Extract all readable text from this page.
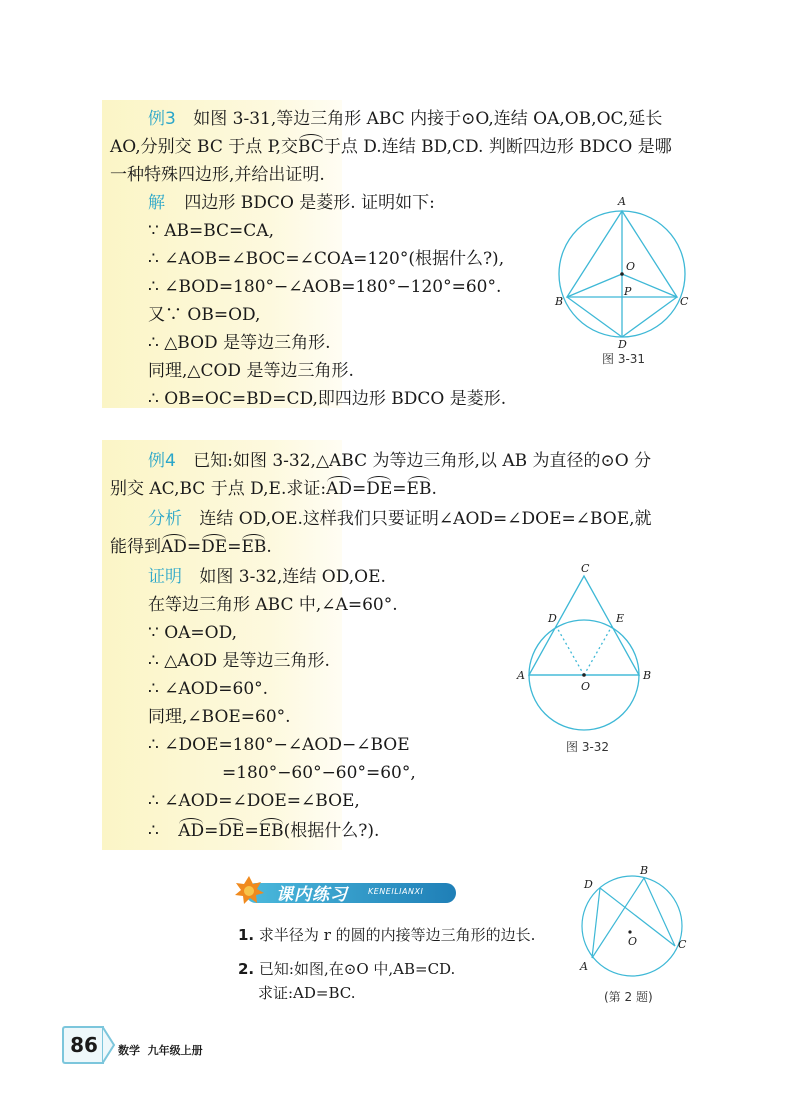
例3 如图 3-31,等边三角形 ABC 内接于⊙O,连结 OA,OB,OC,延长
AO,分别交 BC 于点 P,交BC于点 D.连结 BD,CD. 判断四边形 BDCO 是哪
一种特殊四边形,并给出证明.
解 四边形 BDCO 是菱形. 证明如下:
∵ AB=BC=CA,
∴ ∠AOB=∠BOC=∠COA=120°(根据什么?),
∴ ∠BOD=180°−∠AOB=180°−120°=60°.
又∵ OB=OD,
∴ △BOD 是等边三角形.
同理,△COD 是等边三角形.
∴ OB=OC=BD=CD,即四边形 BDCO 是菱形.
A
O
B
P
C
D
图 3-31
例4 已知:如图 3-32,△ABC 为等边三角形,以 AB 为直径的⊙O 分
别交 AC,BC 于点 D,E.求证:AD=DE=EB.
分析 连结 OD,OE.这样我们只要证明∠AOD=∠DOE=∠BOE,就
能得到AD=DE=EB.
证明 如图 3-32,连结 OD,OE.
在等边三角形 ABC 中,∠A=60°.
∵ OA=OD,
∴ △AOD 是等边三角形.
∴ ∠AOD=60°.
同理,∠BOE=60°.
∴ ∠DOE=180°−∠AOD−∠BOE
=180°−60°−60°=60°,
∴ ∠AOD=∠DOE=∠BOE,
∴ AD=DE=EB(根据什么?).
C
D	E
A
O
B
图 3-32
课内练习	KENEILIANXI
1. 求半径为 r 的圆的内接等边三角形的边长.
2. 已知:如图,在⊙O 中,AB=CD.
求证:AD=BC.
D
B
O	C
A
(第 2 题)
86	数学  九年级上册
